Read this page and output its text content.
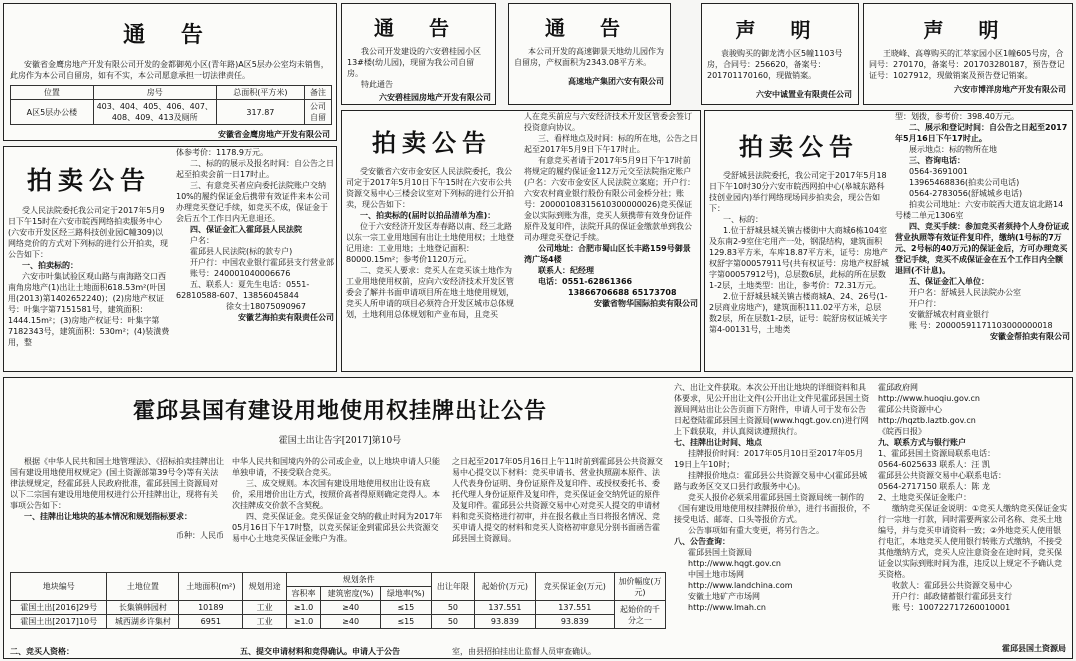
通 告

安徽省金鹰房地产开发有限公司开发的金都御苑小区(青年路)A区5层办公室均未销售，此房作为本公司自留房，如有不实，本公司愿意承担一切法律责任。

位置	房号	总面积(平方米)	备注
A区5层办公楼	403、404、405、406、407、408、409、413及厕所	317.87	公司自留
安徽省金鹰房地产开发有限公司
通 告

我公司开发建设的六安碧桂园小区13#楼(幼儿园)，现留为我公司自留房。

特此通告

六安碧桂园房地产开发有限公司
通 告

本公司开发的高速御景天地幼儿园作为自留房，产权面积为2343.08平方米。

高速地产集团六安有限公司
声 明

袁骏购买的御龙湾小区5幢1103号房，合同号：256620，备案号：201701170160，现做销案。

六安中诚置业有限责任公司
声 明

王晓峰、高尊购买的汇萃家园小区1幢605号房，合同号：270170，备案号：201703280187，预告登记证号：1027912，现做销案及预告登记销案。

六安市博洋房地产开发有限公司
拍卖公告

受人民法院委托我公司定于2017年5月9日下午15时在六安市皖西网络拍卖服务中心(六安市开发区经三路科技创业园C幢309)以网络竞价的方式对下列标的进行公开拍卖，现公告如下：

一、拍卖标的：

六安市叶集试验区观山路与南海路交口西南角房地产(1)出让土地面积618.53m²(叶国用(2013)第1402652240)；(2)房地产权证号：叶集字第7151581号，建筑面积：1444.15m²；(3)房地产权证号：叶集字第7182343号，建筑面积：530m²；(4)装潢费用，整

体参考价：1178.9万元。

二、标的的展示及报名时间：自公告之日起至拍卖会前一日17时止。

三、有意竞买者应向委托法院账户交纳10%的履约保证金后携带有效证件来本公司办理竞买登记手续，如竞买不成，保证金于会后五个工作日内无息退还。

四、保证金汇入霍邱县人民法院

户名：

霍邱县人民法院(标的款专户)

开户行：中国农业银行霍邱县支行营业部

账号：240001040006676

五、联系人：夏先生电话：0551-62810588-607、13856045844

徐女士18075090967

安徽艺海拍卖有限责任公司
拍卖公告

受安徽省六安市金安区人民法院委托，我公司定于2017年5月10日下午15时在六安市公共资源交易中心三楼会议室对下列标的进行公开拍卖，现公告如下：

一、拍卖标的(届时以拍品清单为准)：

位于六安经济开发区寿春路以南、经三北路以东一宗工业用地国有出让土地使用权；土地登记用途：工业用地；土地登记面积：80000.15m²；参考价1120万元。

二、竞买人要求：竞买人在竞买该土地作为工业用地使用权前，应向六安经济技术开发区管委会了解并书面申请项目所在地土地使用规划，竞买人所申请的项目必须符合开发区城市总体规划，土地利用总体规划和产业布局，且竞买

人在竞买前应与六安经济技术开发区管委会签订投资意向协议。

三、看样地点及时间：标的所在地，公告之日起至2017年5月9日下午17时止。

有意竞买者请于2017年5月9日下午17时前将规定的履约保证金112万元交至法院指定账户(户名：六安市金安区人民法院立案庭；开户行：六安农村商业银行股份有限公司金桥分社；账号：20000108315610300000026)竞买保证金以实际到账为准，竞买人须携带有效身份证件原件及复印件，法院开具的保证金缴款单到我公司办理竞买登记手续。

公司地址：合肥市蜀山区长丰路159号御景湾广场4楼

联系人：纪经理

电话：0551-62861366

13866706688 65173708

安徽省物华国际拍卖有限公司
拍卖公告

受舒城县法院委托，我公司定于2017年5月18日下午10时30分六安市皖西网拍中心(皋城东路科技创业园内)举行网络现场同步拍卖会，现公告如下：

一、标的：

1.位于舒城县城关镇古楼街中大商城6栋104室及东南2-9室住宅用产一处，钢混结构，建筑面积129.83平方米，车库18.87平方米，证号：房地产权舒字第00057911号(共有权证号：房地产权舒城字第00057912号)，总层数6层，此标的所在层数1-2层，土地类型：出让，参考价：72.31万元。

2.位于舒城县城关镇古楼商城A、24、26号(1-2层商业房地产)，建筑面积111.02平方米，总层数2层，所在层数1-2层，证号：皖舒房权证城关字第4-00131号，土地类

型：划拨，参考价：398.40万元。

二、展示和登记时间：自公告之日起至2017年5月16日下午17时止。

展示地点：标的物所在地

三、咨询电话：

0564-3691001

13965468836(拍卖公司电话)

0564-2783056(舒城城乡电话)

拍卖公司地址：六安市皖西大道友谊北路14号楼二单元1306室

四、竞买手续：参加竞买者须持个人身份证或营业执照等有效证件复印件，缴纳(1号标的7万元、2号标的40万元)的保证金后，方可办理竞买登记手续，竞买不成保证金在五个工作日内全额退回(不计息)。

五、保证金汇入单位：

开户名：舒城县人民法院办公室

开户行：

安徽舒城农村商业银行

账 号：20000591171103000000018

安徽金帮拍卖有限公司
霍邱县国有建设用地使用权挂牌出让公告
霍国土出让告字[2017]第10号

根据《中华人民共和国土地管理法》、《招标拍卖挂牌出让国有建设用地使用权规定》(国土资源部第39号令)等有关法律法规规定，经霍邱县人民政府批准，霍邱县国土资源局对以下二宗国有建设用地使用权进行公开挂牌出让，现将有关事项公告如下：

一、挂牌出让地块的基本情况和规划指标要求：

币种：人民币

中华人民共和国境内外的公司或企业，以上地块申请人只能单独申请，不接受联合竞买。

三、成交规则。本次国有建设用地使用权出让设有底价，采用增价出让方式，按照价高者得原则确定竞得人。本次挂牌成交价款不含契税。

四、竞买保证金。竞买保证金交纳的截止时间为2017年05月16日下午17时整，以竞买保证金到霍邱县公共资源交易中心土地竞买保证金账户为准。

之日起至2017年05月16日上午11时前到霍邱县公共资源交易中心提交以下材料：竞买申请书、营业执照副本原件、法人代表身份证明、身份证原件及复印件、或授权委托书、委托代理人身份证原件及复印件，竞买保证金交纳凭证的原件及复印件。霍邱县公共资源交易中心对竞买人提交的申请材料和竞买资格进行初审，并在报名截止当日将报名情况、竞买申请人提交的材料和竞买人资格初审意见分别书面函告霍邱县国土资源局。

地块编号	土地位置	土地面积(m²)	规划用途	规划条件			出让年限	起始价(万元)	竞买保证金(万元)	加价幅度(万元)
				容积率	建筑密度(%)	绿地率(%)				
霍国土出[2016]29号	长集镇韩园村	10189	工业	≥1.0	≥40	≤15	50	137.551	137.551	起始价的千分之一
霍国土出[2017]10号	城西湖乡许集村	6951	工业	≥1.0	≥40	≤15	50	93.839	93.839	
二、竞买人资格：	五、提交申请材料和竞得确认。申请人于公告	室，由县招拍挂出让监督人员审查确认。

六、出让文件获取。本次公开出让地块的详细资料和具体要求，见公开出让文件(公开出让文件见霍邱县国土资源局网站出让公告页面下方附件，申请人可于发布公告日起登陆霍邱县国土资源局(www.hqgt.gov.cn)进行网上下载获取，并认真阅读遵照执行。

七、挂牌出让时间、地点

挂牌报价时间：2017年05月10日至2017年05月19日上午10时；

挂牌报价地点：霍邱县公共资源交易中心(霍邱县城路与政务区交叉口县行政服务中心)。

竞买人报价必须采用霍邱县国土资源局统一制作的《国有建设用地使用权挂牌报价单》，进行书面报价，不接受电话、邮寄、口头等报价方式。

公告事项如有重大变更，将另行告之。

八、公告查询：

霍邱县国土资源局

http://www.hqgt.gov.cn

中国土地市场网

http://www.landchina.com

安徽土地矿产市场网

http://www.lmah.cn

霍邱政府网

http://www.huoqiu.gov.cn

霍邱公共资源中心

http://hqztb.laztb.gov.cn

《皖西日报》

九、联系方式与银行账户

1、霍邱县国土资源局联系电话：

0564-6025633 联系人：汪 凯

霍邱县公共资源交易中心联系电话：

0564-2717150 联系人：陈 龙

2、土地竞买保证金账户：

缴纳竞买保证金说明：①竞买人缴纳竞买保证金实行一宗地一打款，同时需要两家公司名称、竞买土地编号，并与竞买申请资料一致；②外地竞买人使用银行电汇，本地竞买人使用银行转账方式缴纳，不接受其他缴纳方式，竞买人应注意资金在途时间，竞买保证金以实际到账时间为准，违反以上规定不予确认竞买资格。

收款人：霍邱县公共资源交易中心

开户行：邮政储蓄银行霍邱县支行

账 号：100722717260010001

霍邱县国土资源局
